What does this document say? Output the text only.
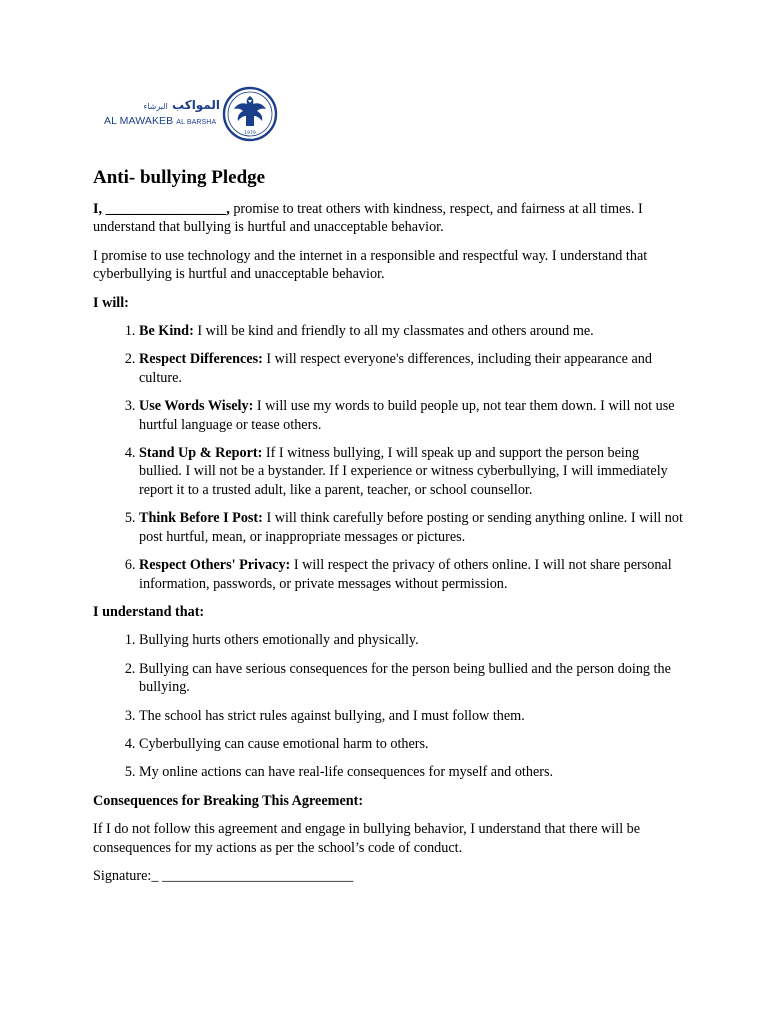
المواكب البرشاء
AL MAWAKEB AL BARSHA
1979
Anti- bullying Pledge

I, _________________, promise to treat others with kindness, respect, and fairness at all times. I understand that bullying is hurtful and unacceptable behavior.

I promise to use technology and the internet in a responsible and respectful way. I understand that cyberbullying is hurtful and unacceptable behavior.

I will:
1. Be Kind: I will be kind and friendly to all my classmates and others around me.
2. Respect Differences: I will respect everyone's differences, including their appearance and culture.
3. Use Words Wisely: I will use my words to build people up, not tear them down. I will not use hurtful language or tease others.
4. Stand Up & Report: If I witness bullying, I will speak up and support the person being bullied. I will not be a bystander. If I experience or witness cyberbullying, I will immediately report it to a trusted adult, like a parent, teacher, or school counsellor.
5. Think Before I Post: I will think carefully before posting or sending anything online. I will not post hurtful, mean, or inappropriate messages or pictures.
6. Respect Others' Privacy: I will respect the privacy of others online. I will not share personal information, passwords, or private messages without permission.
I understand that:
1. Bullying hurts others emotionally and physically.
2. Bullying can have serious consequences for the person being bullied and the person doing the bullying.
3. The school has strict rules against bullying, and I must follow them.
4. Cyberbullying can cause emotional harm to others.
5. My online actions can have real-life consequences for myself and others.
Consequences for Breaking This Agreement:

If I do not follow this agreement and engage in bullying behavior, I understand that there will be consequences for my actions as per the school’s code of conduct.

Signature:_ ___________________________
